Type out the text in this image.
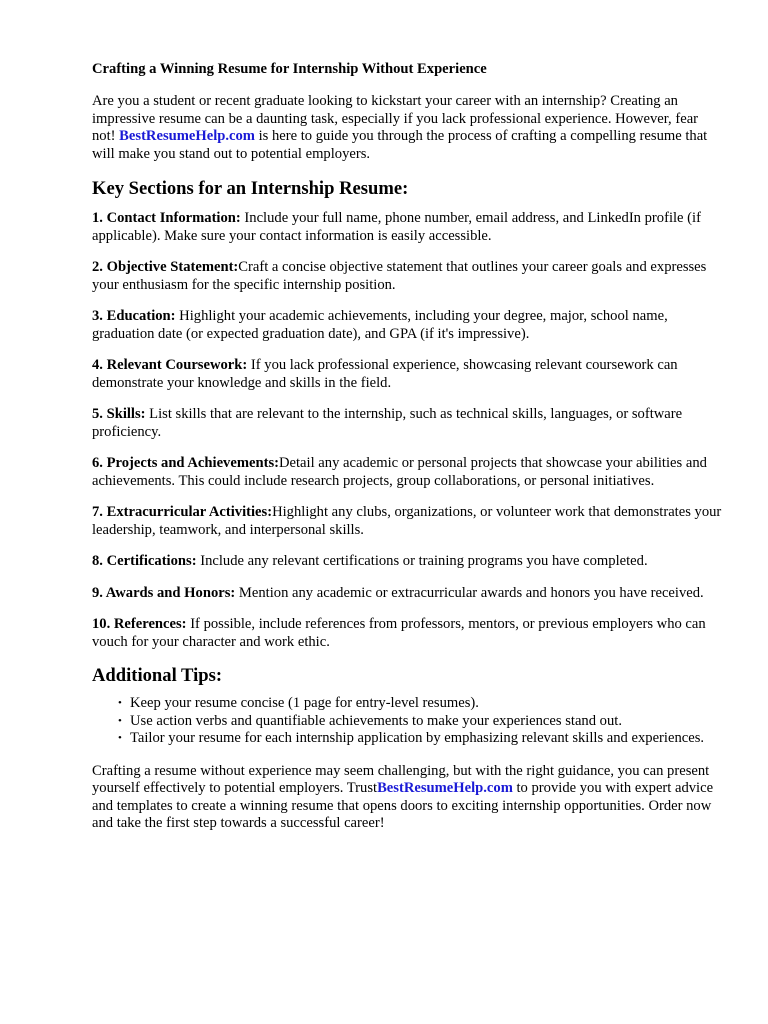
Crafting a Winning Resume for Internship Without Experience

Are you a student or recent graduate looking to kickstart your career with an internship? Creating an impressive resume can be a daunting task, especially if you lack professional experience. However, fear not! BestResumeHelp.com is here to guide you through the process of crafting a compelling resume that will make you stand out to potential employers.

Key Sections for an Internship Resume:
1. Contact Information: Include your full name, phone number, email address, and LinkedIn profile (if applicable). Make sure your contact information is easily accessible.
2. Objective Statement:Craft a concise objective statement that outlines your career goals and expresses your enthusiasm for the specific internship position.
3. Education: Highlight your academic achievements, including your degree, major, school name, graduation date (or expected graduation date), and GPA (if it's impressive).
4. Relevant Coursework: If you lack professional experience, showcasing relevant coursework can demonstrate your knowledge and skills in the field.
5. Skills: List skills that are relevant to the internship, such as technical skills, languages, or software proficiency.
6. Projects and Achievements:Detail any academic or personal projects that showcase your abilities and achievements. This could include research projects, group collaborations, or personal initiatives.
7. Extracurricular Activities:Highlight any clubs, organizations, or volunteer work that demonstrates your leadership, teamwork, and interpersonal skills.
8. Certifications: Include any relevant certifications or training programs you have completed.
9. Awards and Honors: Mention any academic or extracurricular awards and honors you have received.
10. References: If possible, include references from professors, mentors, or previous employers who can vouch for your character and work ethic.
Additional Tips:
• Keep your resume concise (1 page for entry-level resumes).
• Use action verbs and quantifiable achievements to make your experiences stand out.
• Tailor your resume for each internship application by emphasizing relevant skills and experiences.

Crafting a resume without experience may seem challenging, but with the right guidance, you can present yourself effectively to potential employers. TrustBestResumeHelp.com to provide you with expert advice and templates to create a winning resume that opens doors to exciting internship opportunities. Order now and take the first step towards a successful career!
